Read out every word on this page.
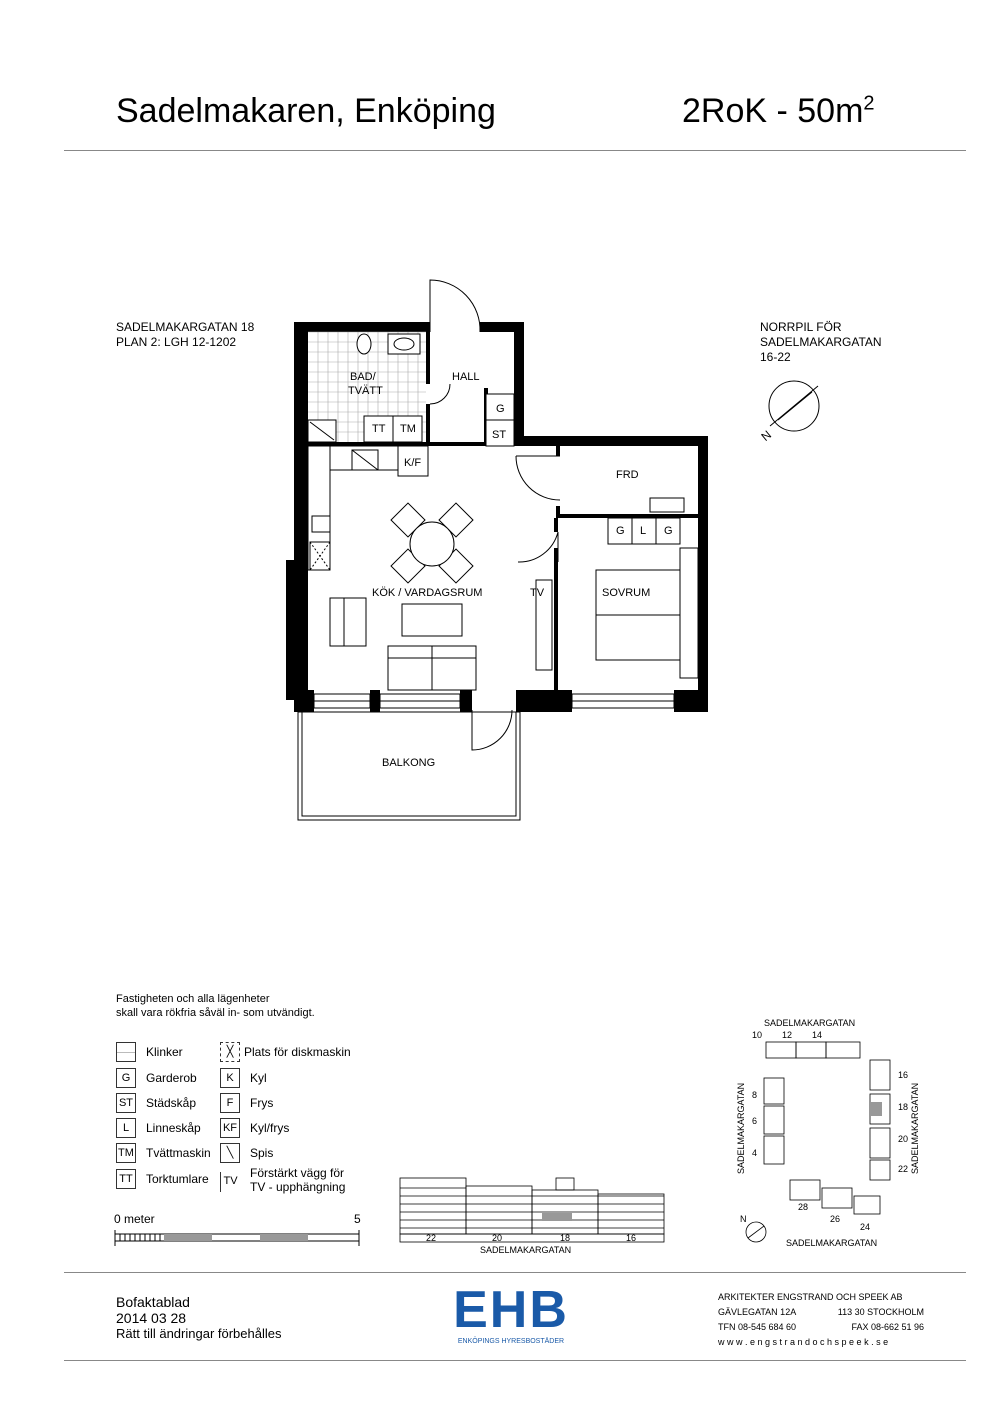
Sadelmakaren, Enköping	$2RoK - 50m^2$
SADELMAKARGATAN 18
PLAN 2: LGH 12-1202
NORRPIL FÖR
SADELMAKARGATAN
16-22
N
BAD/
TVÄTT
HALL
KÖK / VARDAGSRUM	SOVRUM
FRD
BALKONG
G
ST
K/F
TT TM
G L G
TV
Fastigheten och alla lägenheter
skall vara rökfria såväl in- som utvändigt.
Klinker
G	Garderob
ST Städskåp
L	Linneskåp
TM Tvättmaskin
TT Torktumlare
╳ Plats för diskmaskin
K	Kyl
F	Frys
KF Kyl/frys
╲	Spis
TV
Förstärkt vägg för
TV - upphängning
0 meter	5
22	20	18	16
SADELMAKARGATAN
SADELMAKARGATAN
10 12 14
8
6
4
16
18
20
22
28
26
24
SADELMAKARGATAN
SADELMAKARGATAN	SADELMAKARGATAN
N
Bofaktablad
2014 03 28
Rätt till ändringar förbehålles	EHB
ENKÖPINGS HYRESBOSTÄDER
ARKITEKTER ENGSTRAND OCH SPEEK AB
GÄVLEGATAN 12A	113 30 STOCKHOLM
TFN 08-545 684 60	FAX 08-662 51 96
w w w . e n g s t r a n d o c h s p e e k . s e
